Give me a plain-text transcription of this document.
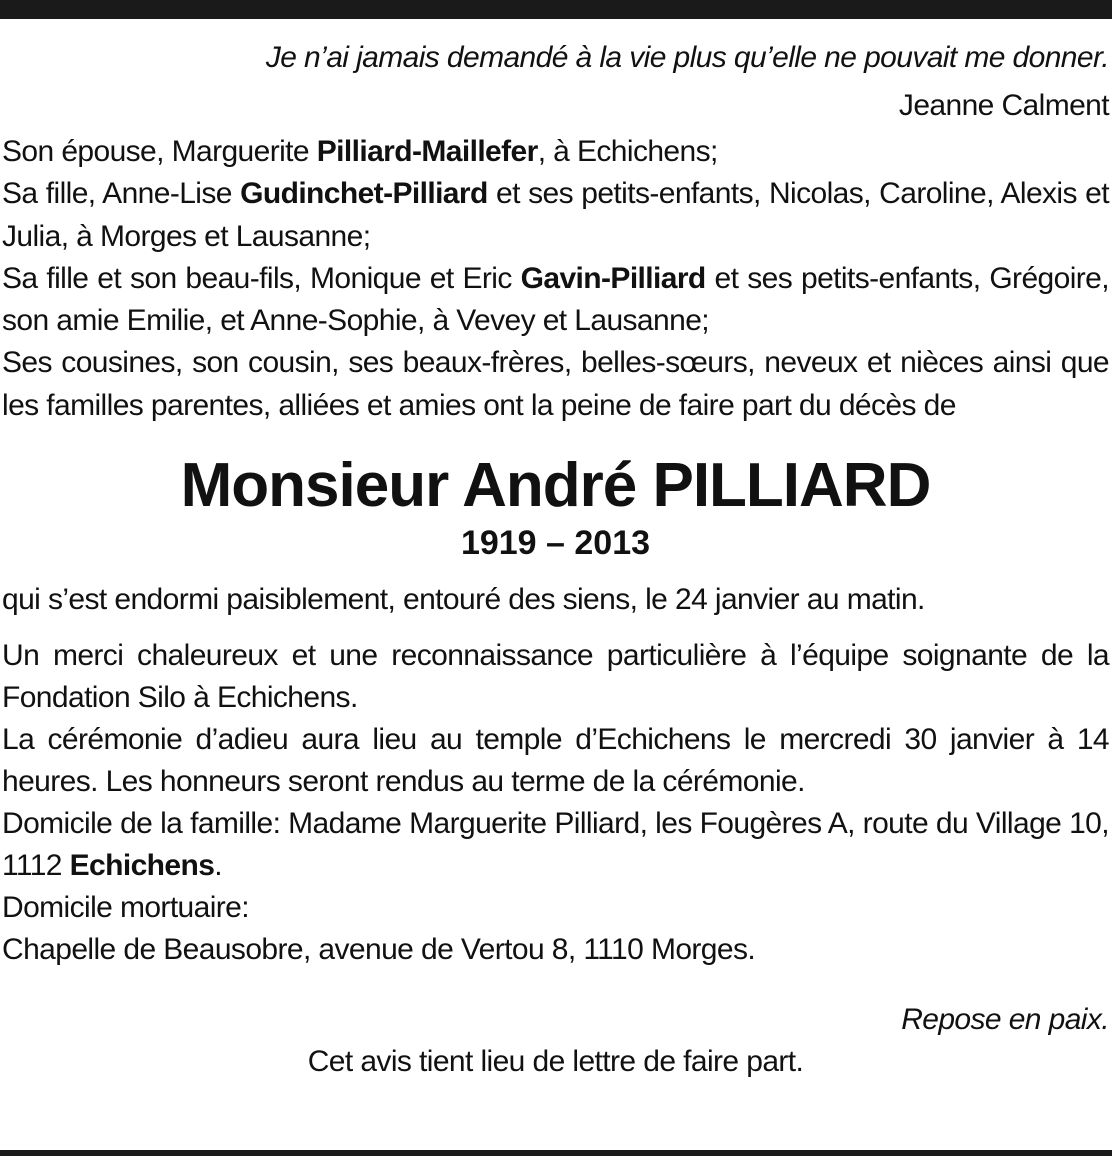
Je n’ai jamais demandé à la vie plus qu’elle ne pouvait me donner.

Jeanne Calment

Son épouse, Marguerite Pilliard-Maillefer, à Echichens;

Sa fille, Anne-Lise Gudinchet-Pilliard et ses petits-enfants, Nicolas, Caroline, Alexis et Julia, à Morges et Lausanne;

Sa fille et son beau-fils, Monique et Eric Gavin-Pilliard et ses petits-enfants, Grégoire, son amie Emilie, et Anne-Sophie, à Vevey et Lausanne;

Ses cousines, son cousin, ses beaux-frères, belles-sœurs, neveux et nièces ainsi que les familles parentes, alliées et amies ont la peine de faire part du décès de

Monsieur André PILLIARD

1919 – 2013

qui s’est endormi paisiblement, entouré des siens, le 24 janvier au matin.

Un merci chaleureux et une reconnaissance particulière à l’équipe soignante de la Fondation Silo à Echichens.

La cérémonie d’adieu aura lieu au temple d’Echichens le mercredi 30 janvier à 14 heures. Les honneurs seront rendus au terme de la cérémonie.

Domicile de la famille: Madame Marguerite Pilliard, les Fougères A, route du Village 10, 1112 Echichens.

Domicile mortuaire:

Chapelle de Beausobre, avenue de Vertou 8, 1110 Morges.

Repose en paix.

Cet avis tient lieu de lettre de faire part.
